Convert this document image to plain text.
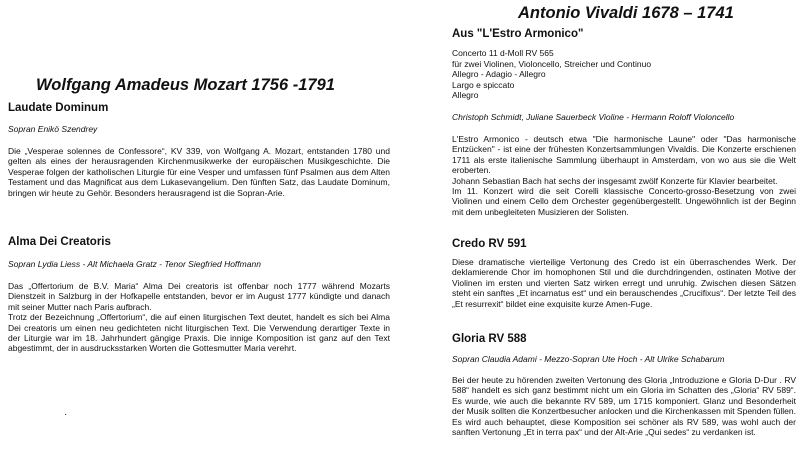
Wolfgang Amadeus Mozart 1756 -1791
Laudate Dominum

Sopran Enikö Szendrey

Die „Vesperae solennes de Confessore“, KV 339, von Wolfgang A. Mozart, entstanden 1780 und gelten als eines der herausragenden Kirchenmusikwerke der europäischen Musikgeschichte. Die Vesperae folgen der katholischen Liturgie für eine Vesper und umfassen fünf Psalmen aus dem Alten Testament und das Magnificat aus dem Lukasevangelium. Den fünften Satz, das Laudate Dominum, bringen wir heute zu Gehör. Besonders herausragend ist die Sopran-Arie.

Alma Dei Creatoris

Sopran Lydia Liess - Alt Michaela Gratz - Tenor Siegfried Hoffmann

Das „Offertorium de B.V. Maria“ Alma Dei creatoris ist offenbar noch 1777 während Mozarts Dienstzeit in Salzburg in der Hofkapelle entstanden, bevor er im August 1777 kündigte und danach mit seiner Mutter nach Paris aufbrach.

Trotz der Bezeichnung „Offertorium“, die auf einen liturgischen Text deutet, handelt es sich bei Alma Dei creatoris um einen neu gedichteten nicht liturgischen Text. Die Verwendung derartiger Texte in der Liturgie war im 18. Jahrhundert gängige Praxis. Die innige Komposition ist ganz auf den Text abgestimmt, der in ausdrucksstarken Worten die Gottesmutter Maria verehrt.

·
Antonio Vivaldi 1678 – 1741
Aus "L'Estro Armonico"
Concerto 11 d-Moll RV 565
für zwei Violinen, Violoncello, Streicher und Continuo
Allegro - Adagio - Allegro
Largo e spiccato
Allegro

Christoph Schmidt, Juliane Sauerbeck Violine - Hermann Roloff Violoncello

L'Estro Armonico - deutsch etwa "Die harmonische Laune" oder "Das harmonische Entzücken" - ist eine der frühesten Konzertsammlungen Vivaldis. Die Konzerte erschienen 1711 als erste italienische Sammlung überhaupt in Amsterdam, von wo aus sie die Welt eroberten.

Johann Sebastian Bach hat sechs der insgesamt zwölf Konzerte für Klavier bearbeitet.

Im 11. Konzert wird die seit Corelli klassische Concerto-grosso-Besetzung von zwei Violinen und einem Cello dem Orchester gegenübergestellt. Ungewöhnlich ist der Beginn mit dem unbegleiteten Musizieren der Solisten.

Credo RV 591

Diese dramatische vierteilige Vertonung des Credo ist ein überraschendes Werk. Der deklamierende Chor im homophonen Stil und die durchdringenden, ostinaten Motive der Violinen im ersten und vierten Satz wirken erregt und unruhig. Zwischen diesen Sätzen steht ein sanftes „Et incarnatus est“ und ein berauschendes „Crucifixus“. Der letzte Teil des „Et resurrexit“ bildet eine exquisite kurze Amen-Fuge.

Gloria RV 588

Sopran Claudia Adami - Mezzo-Sopran Ute Hoch - Alt Ulrike Schabarum

Bei der heute zu hörenden zweiten Vertonung des Gloria „Introduzione e Gloria D-Dur . RV 588“ handelt es sich ganz bestimmt nicht um ein Gloria im Schatten des „Gloria“ RV 589“. Es wurde, wie auch die bekannte RV 589, um 1715 komponiert. Glanz und Besonderheit der Musik sollten die Konzertbesucher anlocken und die Kirchenkassen mit Spenden füllen. Es wird auch behauptet, diese Komposition sei schöner als RV 589, was wohl auch der sanften Vertonung „Et in terra pax“ und der Alt-Arie „Qui sedes“ zu verdanken ist.
